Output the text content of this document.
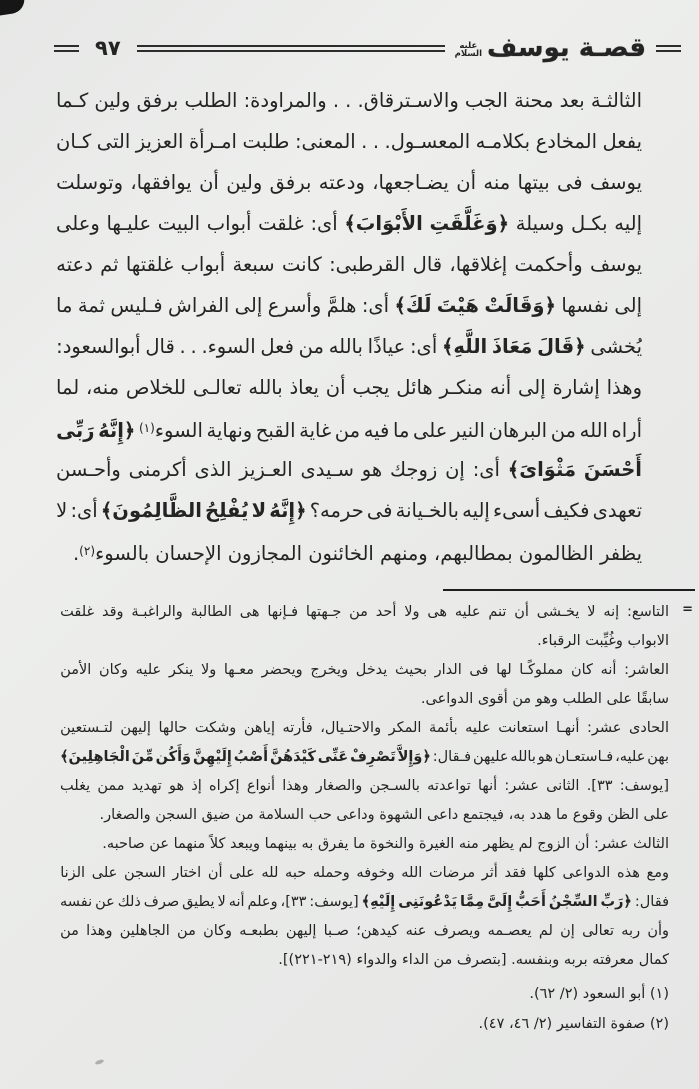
قصـة يوسف
عليه
السلام
٩٧
الثالثـة
بعد
محنة
الجب
والاسـترقاق.
.
.
والمراودة:
الطلب
برفق
ولين
كـما
يفعل
المخادع
بكلامـه
المعسـول.
.
.
المعنى:
طلبت
امـرأة
العزيز
التى
كـان
يوسف
فى
بيتها
منه
أن
يضـاجعها،
ودعته
برفق
ولين
أن
يوافقها،
وتوسلت
إليه
بكـل
وسيلة
﴿وَغَلَّقَتِ
الأَبْوَابَ﴾
أى:
غلقت
أبواب
البيت
عليـها
وعلى
يوسف
وأحكمت
إغلاقها،
قال
القرطبى:
كانت
سبعة
أبواب
غلقتها
ثم
دعته
إلى
نفسها
﴿وَقَالَتْ
هَيْتَ
لَكَ﴾
أى:
هلمَّ
وأسرع
إلى
الفراش
فـليس
ثمة
ما
يُخشى
﴿قَالَ
مَعَاذَ
اللَّهِ﴾
أى:
عياذًا
بالله
من
فعل
السوء.
.
.
قال
أبوالسعود:
وهذا
إشارة
إلى
أنه
منكـر
هائل
يجب
أن
يعاذ
بالله
تعالـى
للخلاص
منه،
لما
أراه
الله
من
البرهان
النير
على
ما
فيه
من
غاية
القبح
ونهاية
السوء$^{(١)}$
﴿إِنَّهُ
رَبِّى
أَحْسَنَ
مَثْوَاىَ﴾
أى:
إن
زوجك
هو
سـيدى
العـزيز
الذى
أكرمنى
وأحـسن
تعهدى
فكيف
أسىء
إليه
بالخـيانة
فى
حرمه؟
﴿إِنَّهُ
لا
يُفْلِحُ
الظَّالِمُونَ﴾
أى:
لا
يظفر الظالمون بمطالبهم، ومنهم الخائنون المجازون الإحسان بالسوء$^{(٢)}$.
=
التاسع:
إنه
لا
يخـشى
أن
تنم
عليه
هى
ولا
أحد
من
جـهتها
فـإنها
هى
الطالبة
والراغبـة
وقد
غلقت
الابواب وغُيِّبت الرقباء.
العاشر:
أنه
كان
مملوكًـا
لها
فى
الدار
بحيث
يدخل
ويخرج
ويحضر
معـها
ولا
ينكر
عليه
وكان
الأمن
سابقًا على الطلب وهو من أقوى الدواعى.
الحادى
عشر:
أنهـا
استعانت
عليه
بأئمة
المكر
والاحتـيال،
فأرته
إياهن
وشكت
حالها
إليهن
لتـستعين
بهن
عليه،
فـاستعـان
هو
بالله
عليهن
فـقال:
﴿وَإِلاَّ
تَصْرِفْ
عَنِّى
كَيْدَهُنَّ
أَصْبُ
إِلَيْهِنَّ
وَأَكُن
مِّنَ
الْجَاهِلِينَ﴾
[يوسف:
٣٣].
الثانى
عشر:
أنها
تواعدته
بالسـجن
والصغار
وهذا
أنواع
إكراه
إذ
هو
تهديد
ممن
يغلب
على الظن وقوع ما هدد به، فيجتمع داعى الشهوة وداعى حب السلامة من ضيق السجن والصغار.
الثالث عشر: أن الزوج لم يظهر منه الغيرة والنخوة ما يفرق به بينهما ويبعد كلاً منهما عن صاحبه.
ومع
هذه
الدواعى
كلها
فقد
أثر
مرضات
الله
وخوفه
وحمله
حبه
لله
على
أن
اختار
السجن
على
الزنا
فقال:
﴿رَبِّ
السِّجْنُ
أَحَبُّ
إِلَىَّ
مِمَّا
يَدْعُونَنِى
إِلَيْهِ﴾
[يوسف:
٣٣]،
وعلم
أنه
لا
يطيق
صرف
ذلك
عن
نفسه
وأن
ربه
تعالى
إن
لم
يعصـمه
ويصرف
عنه
كيدهن؛
صـبا
إليهن
بطبعـه
وكان
من
الجاهلين
وهذا
من
كمال معرفته بربه وبنفسه. [بتصرف من الداء والدواء (٢١٩-٢٢١)].
(١) أبو السعود (٢/ ٦٢).
(٢) صفوة التفاسير (٢/ ٤٦، ٤٧).
